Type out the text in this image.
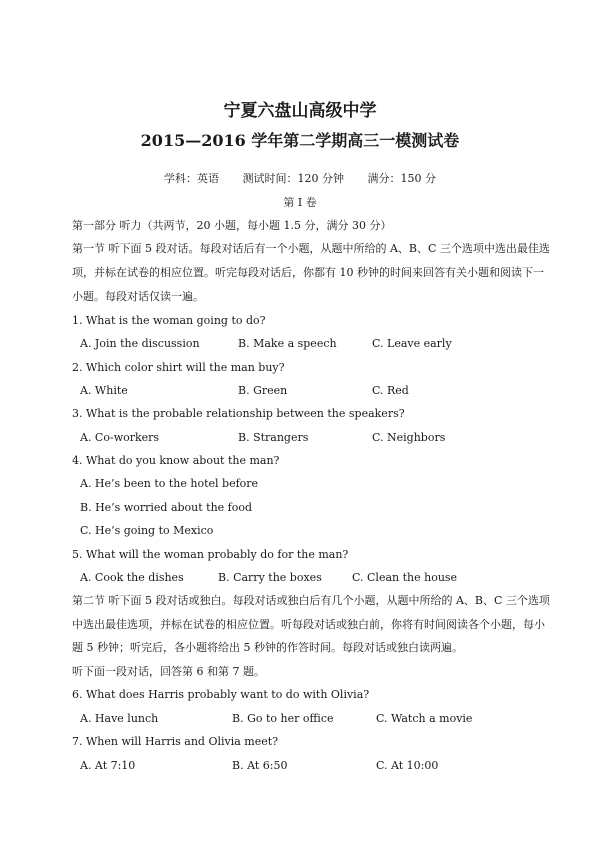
宁夏六盘山高级中学
2015—2016 学年第二学期高三一模测试卷
学科：英语 测试时间：120 分钟 满分：150 分
第 I 卷
第一部分 听力（共两节，20 小题，每小题 1.5 分，满分 30 分）
第一节 听下面 5 段对话。每段对话后有一个小题，从题中所给的 A、B、C 三个选项中选出最佳选
项，并标在试卷的相应位置。听完每段对话后，你都有 10 秒钟的时间来回答有关小题和阅读下一
小题。每段对话仅读一遍。
1. What is the woman going to do?
A. Join the discussion	B. Make a speech	C. Leave early
2. Which color shirt will the man buy?
A. White	B. Green	C. Red
3. What is the probable relationship between the speakers?
A. Co-workers	B. Strangers	C. Neighbors
4. What do you know about the man?
A. He’s been to the hotel before
B. He’s worried about the food
C. He’s going to Mexico
5. What will the woman probably do for the man?
A. Cook the dishes	B. Carry the boxes	C. Clean the house
第二节 听下面 5 段对话或独白。每段对话或独白后有几个小题，从题中所给的 A、B、C 三个选项
中选出最佳选项，并标在试卷的相应位置。听每段对话或独白前，你将有时间阅读各个小题，每小
题 5 秒钟；听完后，各小题将给出 5 秒钟的作答时间。每段对话或独白读两遍。
听下面一段对话，回答第 6 和第 7 题。
6. What does Harris probably want to do with Olivia?
A. Have lunch	B. Go to her office	C. Watch a movie
7. When will Harris and Olivia meet?
A. At 7:10	B. At 6:50	C. At 10:00
